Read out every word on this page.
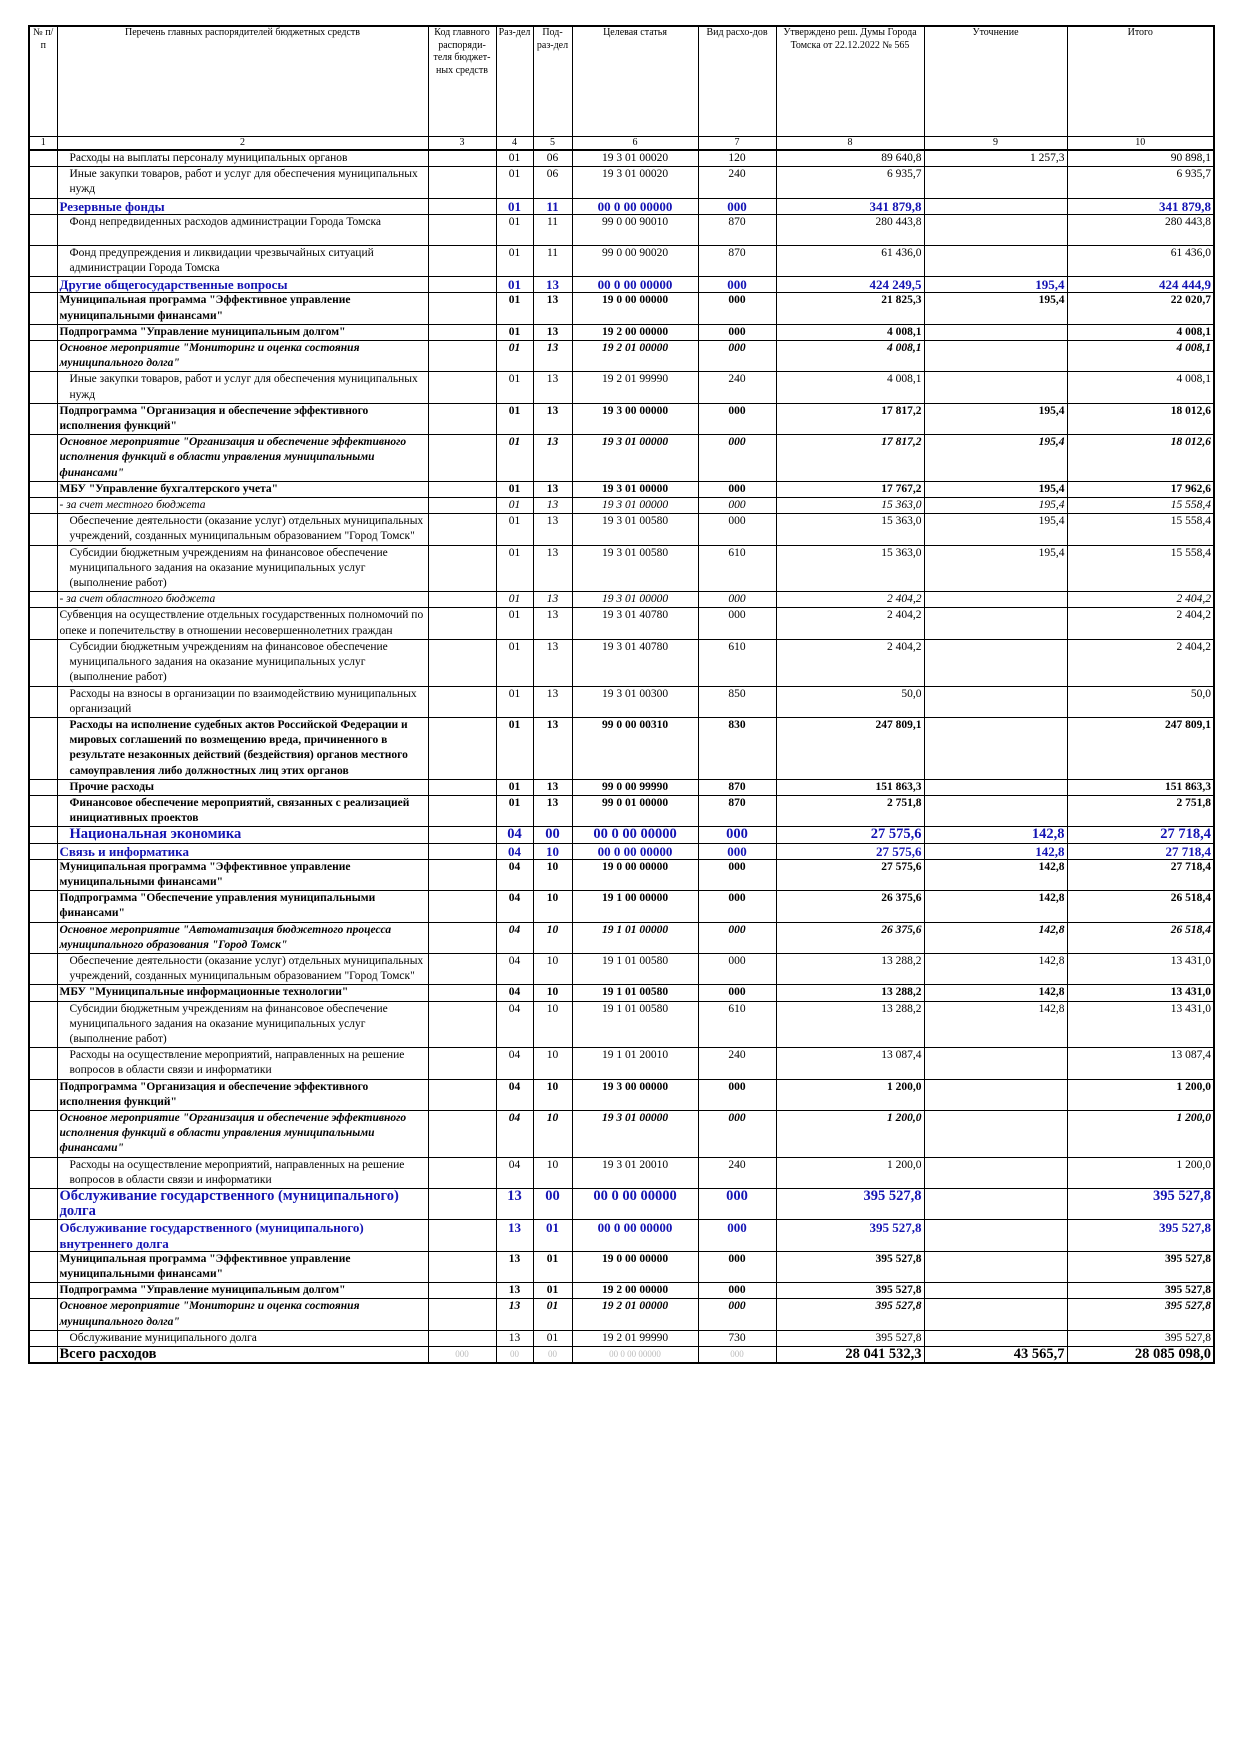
№ п/п	Перечень главных распорядителей бюджетных средств	Код главного распоряди-теля бюджет-ных средств	Раз-дел	Под-раз-дел	Целевая статья	Вид расхо-дов	Утверждено реш. Думы Города Томска от 22.12.2022 № 565	Уточнение	Итого
1	2	3	4	5	6	7	8	9	10
	Расходы на выплаты персоналу муниципальных органов		01	06	19 3 01 00020	120	89 640,8	1 257,3	90 898,1
	Иные закупки товаров, работ и услуг для обеспечения муниципальных нужд		01	06	19 3 01 00020	240	6 935,7		6 935,7
	Резервные фонды		01	11	00 0 00 00000	000	341 879,8		341 879,8
	Фонд непредвиденных расходов администрации Города Томска		01	11	99 0 00 90010	870	280 443,8		280 443,8
	Фонд предупреждения и ликвидации чрезвычайных ситуаций администрации Города Томска		01	11	99 0 00 90020	870	61 436,0		61 436,0
	Другие общегосударственные вопросы		01	13	00 0 00 00000	000	424 249,5	195,4	424 444,9
	Муниципальная программа "Эффективное управление муниципальными финансами"		01	13	19 0 00 00000	000	21 825,3	195,4	22 020,7
	Подпрограмма "Управление муниципальным долгом"		01	13	19 2 00 00000	000	4 008,1		4 008,1
	Основное мероприятие "Мониторинг и оценка состояния муниципального долга"		01	13	19 2 01 00000	000	4 008,1		4 008,1
	Иные закупки товаров, работ и услуг для обеспечения муниципальных нужд		01	13	19 2 01 99990	240	4 008,1		4 008,1
	Подпрограмма "Организация и обеспечение эффективного исполнения функций"		01	13	19 3 00 00000	000	17 817,2	195,4	18 012,6
	Основное мероприятие "Организация и обеспечение эффективного исполнения функций в области управления муниципальными финансами"		01	13	19 3 01 00000	000	17 817,2	195,4	18 012,6
	МБУ "Управление бухгалтерского учета"		01	13	19 3 01 00000	000	17 767,2	195,4	17 962,6
	- за счет местного бюджета		01	13	19 3 01 00000	000	15 363,0	195,4	15 558,4
	Обеспечение деятельности (оказание услуг) отдельных муниципальных учреждений, созданных муниципальным образованием "Город Томск"		01	13	19 3 01 00580	000	15 363,0	195,4	15 558,4
	Субсидии бюджетным учреждениям на финансовое обеспечение муниципального задания на оказание муниципальных услуг (выполнение работ)		01	13	19 3 01 00580	610	15 363,0	195,4	15 558,4
	- за счет областного бюджета		01	13	19 3 01 00000	000	2 404,2		2 404,2
	Субвенция на осуществление отдельных государственных полномочий по опеке и попечительству в отношении несовершеннолетних граждан		01	13	19 3 01 40780	000	2 404,2		2 404,2
	Субсидии бюджетным учреждениям на финансовое обеспечение муниципального задания на оказание муниципальных услуг (выполнение работ)		01	13	19 3 01 40780	610	2 404,2		2 404,2
	Расходы на взносы в организации по взаимодействию муниципальных организаций		01	13	19 3 01 00300	850	50,0		50,0
	Расходы на исполнение судебных актов Российской Федерации и мировых соглашений по возмещению вреда, причиненного в результате незаконных действий (бездействия) органов местного самоуправления либо должностных лиц этих органов		01	13	99 0 00 00310	830	247 809,1		247 809,1
	Прочие расходы		01	13	99 0 00 99990	870	151 863,3		151 863,3
	Финансовое обеспечение мероприятий, связанных с реализацией инициативных проектов		01	13	99 0 01 00000	870	2 751,8		2 751,8
	Национальная экономика		04	00	00 0 00 00000	000	27 575,6	142,8	27 718,4
	Связь и информатика		04	10	00 0 00 00000	000	27 575,6	142,8	27 718,4
	Муниципальная программа "Эффективное управление муниципальными финансами"		04	10	19 0 00 00000	000	27 575,6	142,8	27 718,4
	Подпрограмма "Обеспечение управления муниципальными финансами"		04	10	19 1 00 00000	000	26 375,6	142,8	26 518,4
	Основное мероприятие "Автоматизация бюджетного процесса муниципального образования "Город Томск"		04	10	19 1 01 00000	000	26 375,6	142,8	26 518,4
	Обеспечение деятельности (оказание услуг) отдельных муниципальных учреждений, созданных муниципальным образованием "Город Томск"		04	10	19 1 01 00580	000	13 288,2	142,8	13 431,0
	МБУ "Муниципальные информационные технологии"		04	10	19 1 01 00580	000	13 288,2	142,8	13 431,0
	Субсидии бюджетным учреждениям на финансовое обеспечение муниципального задания на оказание муниципальных услуг (выполнение работ)		04	10	19 1 01 00580	610	13 288,2	142,8	13 431,0
	Расходы на осуществление мероприятий, направленных на решение вопросов в области связи и информатики		04	10	19 1 01 20010	240	13 087,4		13 087,4
	Подпрограмма "Организация и обеспечение эффективного исполнения функций"		04	10	19 3 00 00000	000	1 200,0		1 200,0
	Основное мероприятие "Организация и обеспечение эффективного исполнения функций в области управления муниципальными финансами"		04	10	19 3 01 00000	000	1 200,0		1 200,0
	Расходы на осуществление мероприятий, направленных на решение вопросов в области связи и информатики		04	10	19 3 01 20010	240	1 200,0		1 200,0
	Обслуживание государственного (муниципального) долга		13	00	00 0 00 00000	000	395 527,8		395 527,8
	Обслуживание государственного (муниципального) внутреннего долга		13	01	00 0 00 00000	000	395 527,8		395 527,8
	Муниципальная программа "Эффективное управление муниципальными финансами"		13	01	19 0 00 00000	000	395 527,8		395 527,8
	Подпрограмма "Управление муниципальным долгом"		13	01	19 2 00 00000	000	395 527,8		395 527,8
	Основное мероприятие "Мониторинг и оценка состояния муниципального долга"		13	01	19 2 01 00000	000	395 527,8		395 527,8
	Обслуживание муниципального долга		13	01	19 2 01 99990	730	395 527,8		395 527,8
	Всего расходов	000	00	00	00 0 00 00000	000	28 041 532,3	43 565,7	28 085 098,0
